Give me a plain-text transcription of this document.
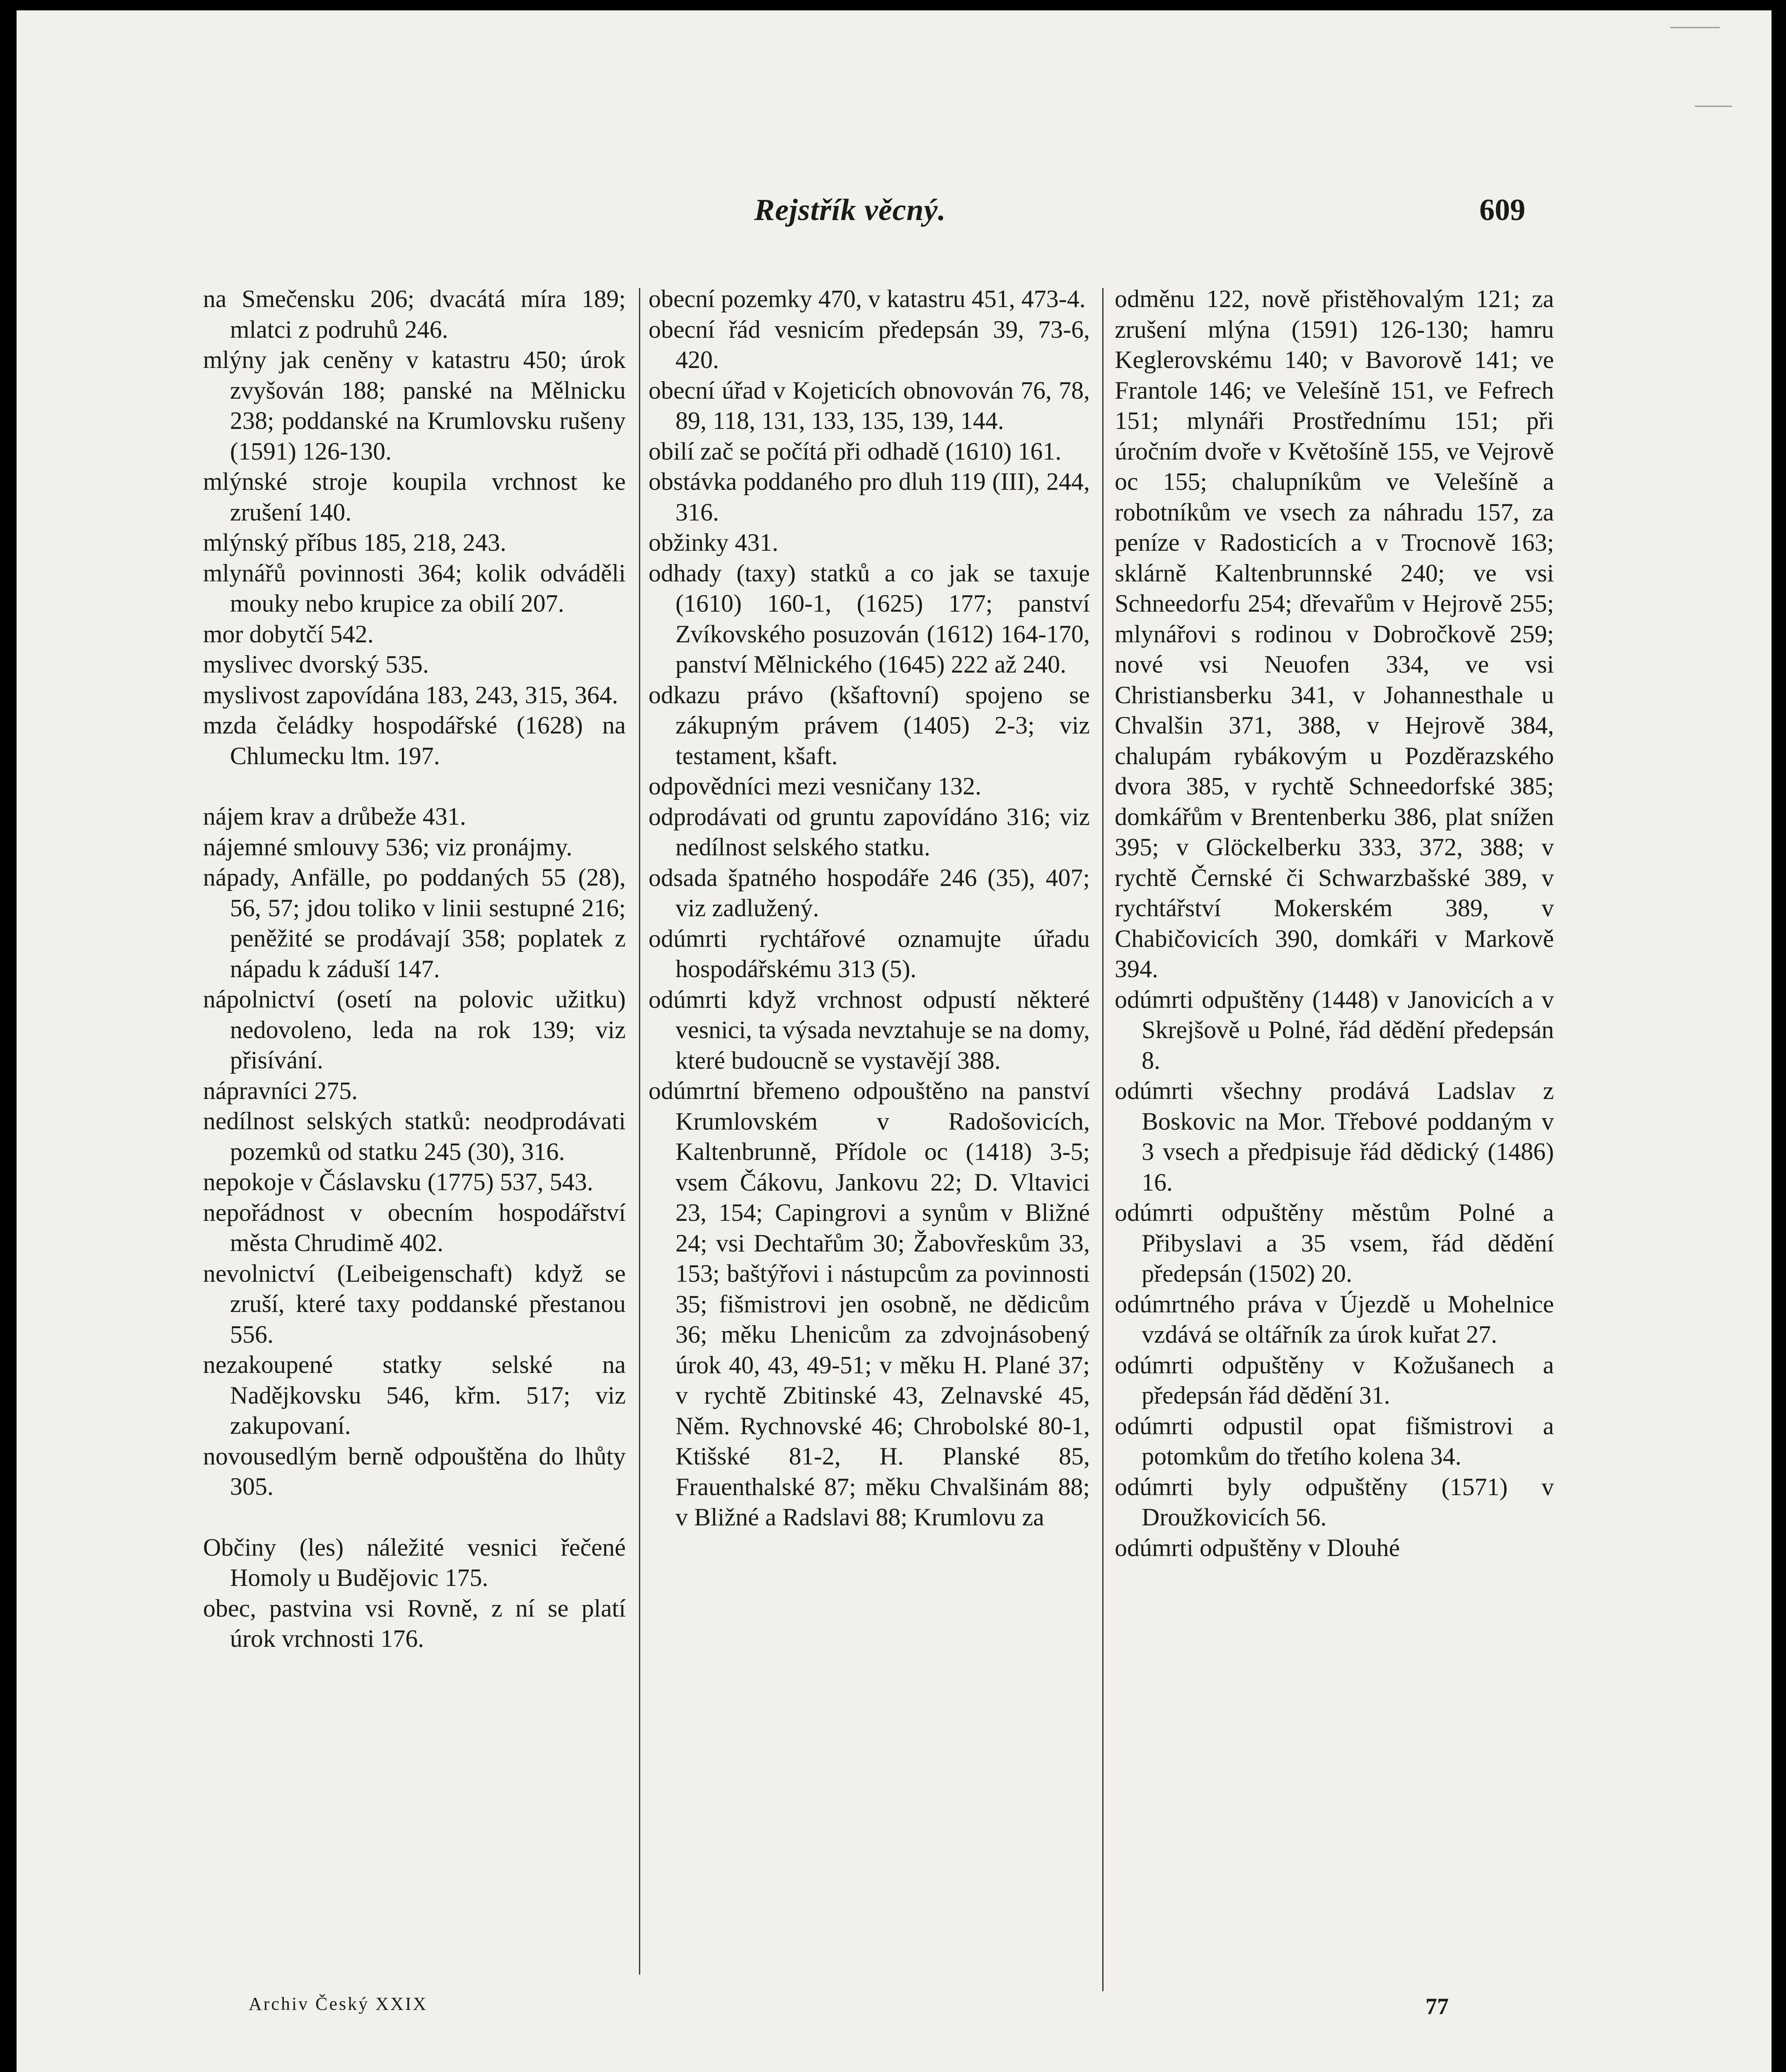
Rejstřík věcný.	609

na Smečensku 206; dvacátá míra 189; mlatci z podruhů 246.

mlýny jak ceněny v katastru 450; úrok zvyšován 188; panské na Mělnicku 238; poddanské na Krumlovsku rušeny (1591) 126-130.

mlýnské stroje koupila vrchnost ke zrušení 140.

mlýnský příbus 185, 218, 243.

mlynářů povinnosti 364; kolik odváděli mouky nebo krupice za obilí 207.

mor dobytčí 542.

myslivec dvorský 535.

myslivost zapovídána 183, 243, 315, 364.

mzda čeládky hospodářské (1628) na Chlumecku ltm. 197.

nájem krav a drůbeže 431.

nájemné smlouvy 536; viz pronájmy.

nápady, Anfälle, po poddaných 55 (28), 56, 57; jdou toliko v linii sestupné 216; peněžité se prodávají 358; poplatek z nápadu k záduší 147.

nápolnictví (osetí na polovic užitku) nedovoleno, leda na rok 139; viz přisívání.

nápravníci 275.

nedílnost selských statků: neodprodávati pozemků od statku 245 (30), 316.

nepokoje v Čáslavsku (1775) 537, 543.

nepořádnost v obecním hospodářství města Chrudimě 402.

nevolnictví (Leibeigenschaft) když se zruší, které taxy poddanské přestanou 556.

nezakoupené statky selské na Nadějkovsku 546, křm. 517; viz zakupovaní.

novousedlým berně odpouštěna do lhůty 305.

Občiny (les) náležité vesnici řečené Homoly u Budějovic 175.

obec, pastvina vsi Rovně, z ní se platí úrok vrchnosti 176.

obecní pozemky 470, v katastru 451, 473-4.

obecní řád vesnicím předepsán 39, 73-6, 420.

obecní úřad v Kojeticích obnovován 76, 78, 89, 118, 131, 133, 135, 139, 144.

obilí zač se počítá při odhadě (1610) 161.

obstávka poddaného pro dluh 119 (III), 244, 316.

obžinky 431.

odhady (taxy) statků a co jak se taxuje (1610) 160-1, (1625) 177; panství Zvíkovského posuzován (1612) 164-170, panství Mělnického (1645) 222 až 240.

odkazu právo (kšaftovní) spojeno se zákupným právem (1405) 2-3; viz testament, kšaft.

odpovědníci mezi vesničany 132.

odprodávati od gruntu zapovídáno 316; viz nedílnost selského statku.

odsada špatného hospodáře 246 (35), 407; viz zadlužený.

odúmrti rychtářové oznamujte úřadu hospodářskému 313 (5).

odúmrti když vrchnost odpustí některé vesnici, ta výsada nevztahuje se na domy, které budoucně se vystavějí 388.

odúmrtní břemeno odpouštěno na panství Krumlovském v Radošovicích, Kaltenbrunně, Přídole oc (1418) 3-5; vsem Čákovu, Jankovu 22; D. Vltavici 23, 154; Capingrovi a synům v Bližné 24; vsi Dechtařům 30; Žabovřeskům 33, 153; baštýřovi i nástupcům za povinnosti 35; fišmistrovi jen osobně, ne dědicům 36; měku Lhenicům za zdvojnásobený úrok 40, 43, 49-51; v měku H. Plané 37; v rychtě Zbitinské 43, Zelnavské 45, Něm. Rychnovské 46; Chrobolské 80-1, Ktišské 81-2, H. Planské 85, Frauenthalské 87; měku Chvalšinám 88; v Bližné a Radslavi 88; Krumlovu za

odměnu 122, nově přistěhovalým 121; za zrušení mlýna (1591) 126-130; hamru Keglerovskému 140; v Bavorově 141; ve Frantole 146; ve Velešíně 151, ve Fefrech 151; mlynáři Prostřednímu 151; při úročním dvoře v Květošíně 155, ve Vejrově oc 155; chalupníkům ve Velešíně a robotníkům ve vsech za náhradu 157, za peníze v Radosticích a v Trocnově 163; sklárně Kaltenbrunnské 240; ve vsi Schneedorfu 254; dřevařům v Hejrově 255; mlynářovi s rodinou v Dobročkově 259; nové vsi Neuofen 334, ve vsi Christiansberku 341, v Johannesthale u Chvalšin 371, 388, v Hejrově 384, chalupám rybákovým u Pozděrazského dvora 385, v rychtě Schneedorfské 385; domkářům v Brentenberku 386, plat snížen 395; v Glöckelberku 333, 372, 388; v rychtě Černské či Schwarzbašské 389, v rychtářství Mokerském 389, v Chabičovicích 390, domkáři v Markově 394.

odúmrti odpuštěny (1448) v Janovicích a v Skrejšově u Polné, řád dědění předepsán 8.

odúmrti všechny prodává Ladslav z Boskovic na Mor. Třebové poddaným v 3 vsech a předpisuje řád dědický (1486) 16.

odúmrti odpuštěny městům Polné a Přibyslavi a 35 vsem, řád dědění předepsán (1502) 20.

odúmrtného práva v Újezdě u Mohelnice vzdává se oltářník za úrok kuřat 27.

odúmrti odpuštěny v Kožušanech a předepsán řád dědění 31.

odúmrti odpustil opat fišmistrovi a potomkům do třetího kolena 34.

odúmrti byly odpuštěny (1571) v Droužkovicích 56.

odúmrti odpuštěny v Dlouhé

Archiv Český XXIX	77
